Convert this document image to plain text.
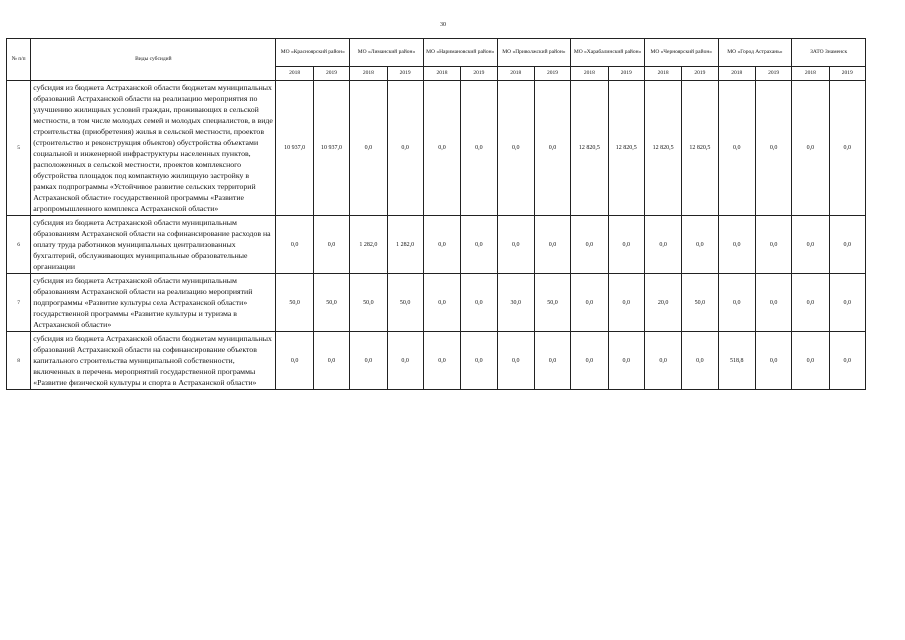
30
№ п/п	Виды субсидий	МО «Красноярский район»		МО «Лиманский район»		МО «Наримановский район»		МО «Приволжский район»		МО «Харабалинский район»		МО «Черноярский район»		МО «Город Астрахань»		ЗАТО Знаменск	
		2018	2019	2018	2019	2018	2019	2018	2019	2018	2019	2018	2019	2018	2019	2018	2019
5	субсидия из бюджета Астраханской области бюджетам муниципальных образований Астраханской области на реализацию мероприятия по улучшению жилищных условий граждан, проживающих в сельской местности, в том числе молодых семей и молодых специалистов, в виде строительства (приобретения) жилья в сельской местности, проектов (строительство и реконструкция объектов) обустройства объектами социальной и инженерной инфраструктуры населенных пунктов, расположенных в сельской местности, проектов комплексного обустройства площадок под компактную жилищную застройку в рамках подпрограммы «Устойчивое развитие сельских территорий Астраханской области» государственной программы «Развитие агропромышленного комплекса Астраханской области»	10 937,0	10 937,0	0,0	0,0	0,0	0,0	0,0	0,0	12 820,5	12 820,5	12 820,5	12 820,5	0,0	0,0	0,0	0,0
6	субсидия из бюджета Астраханской области муниципальным образованиям Астраханской области на софинансирование расходов на оплату труда работников муниципальных централизованных бухгалтерий, обслуживающих муниципальные образовательные организации	0,0	0,0	1 282,0	1 282,0	0,0	0,0	0,0	0,0	0,0	0,0	0,0	0,0	0,0	0,0	0,0	0,0
7	субсидия из бюджета Астраханской области муниципальным образованиям Астраханской области на реализацию мероприятий подпрограммы «Развитие культуры села Астраханской области» государственной программы «Развитие культуры и туризма в Астраханской области»	50,0	50,0	50,0	50,0	0,0	0,0	30,0	50,0	0,0	0,0	20,0	50,0	0,0	0,0	0,0	0,0
8	субсидия из бюджета Астраханской области бюджетам муниципальных образований Астраханской области на софинансирование объектов капитального строительства муниципальной собственности, включенных в перечень мероприятий государственной программы «Развитие физической культуры и спорта в Астраханской области»	0,0	0,0	0,0	0,0	0,0	0,0	0,0	0,0	0,0	0,0	0,0	0,0	518,8	0,0	0,0	0,0
